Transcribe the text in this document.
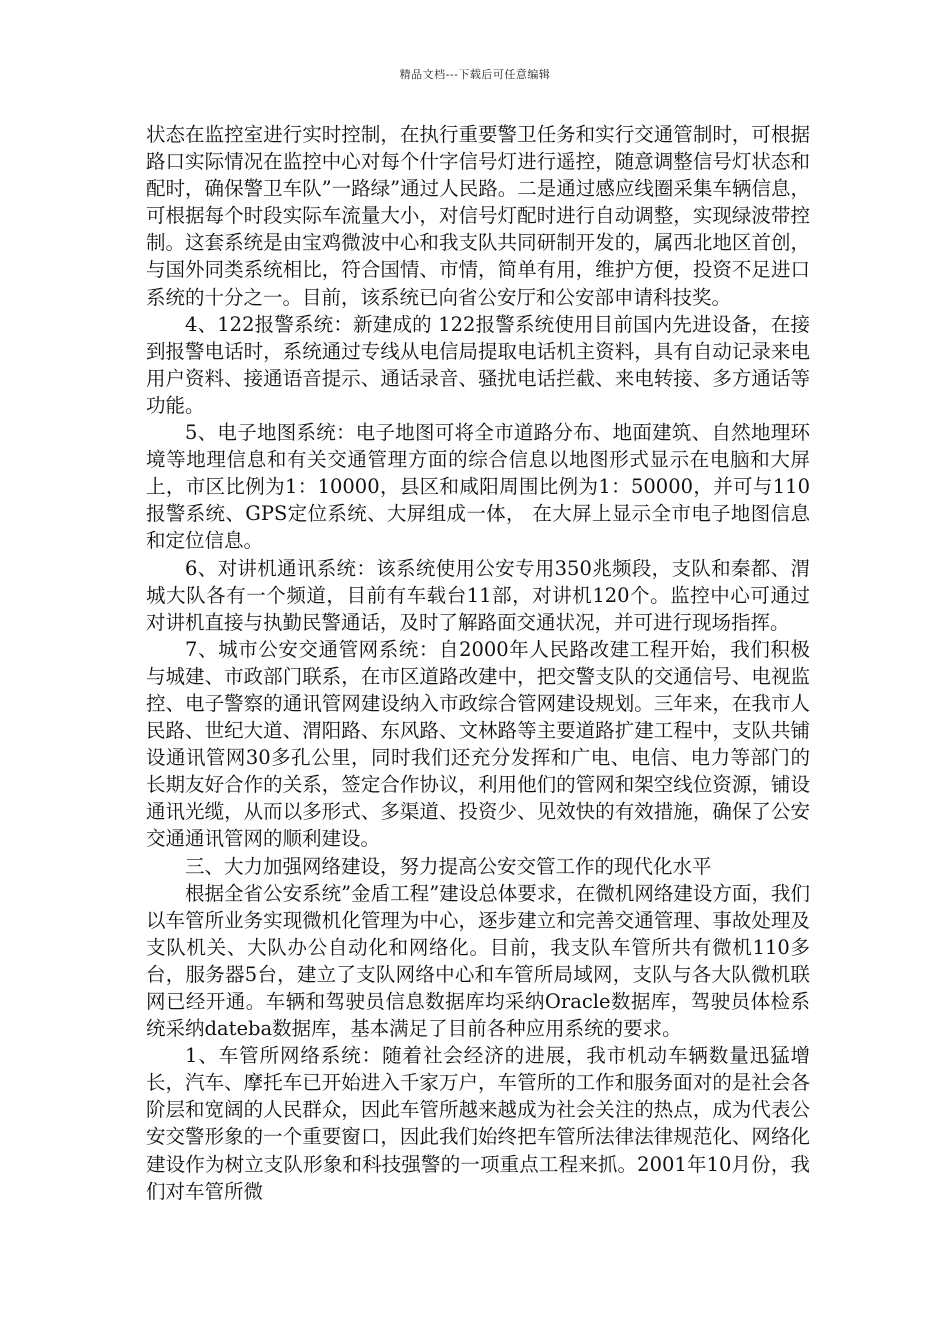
精品文档---下载后可任意编辑

状态在监控室进行实时控制，在执行重要警卫任务和实行交通管制时，可根据路口实际情况在监控中心对每个什字信号灯进行遥控，随意调整信号灯状态和配时，确保警卫车队”一路绿”通过人民路。二是通过感应线圈采集车辆信息，可根据每个时段实际车流量大小，对信号灯配时进行自动调整，实现绿波带控制。这套系统是由宝鸡微波中心和我支队共同研制开发的，属西北地区首创，与国外同类系统相比，符合国情、市情，简单有用，维护方便，投资不足进口系统的十分之一。目前，该系统已向省公安厅和公安部申请科技奖。

4、122报警系统：新建成的 122报警系统使用目前国内先进设备，在接到报警电话时，系统通过专线从电信局提取电话机主资料，具有自动记录来电用户资料、接通语音提示、通话录音、骚扰电话拦截、来电转接、多方通话等功能。

5、电子地图系统：电子地图可将全市道路分布、地面建筑、自然地理环境等地理信息和有关交通管理方面的综合信息以地图形式显示在电脑和大屏上，市区比例为1：10000，县区和咸阳周围比例为1：50000，并可与110报警系统、GPS定位系统、大屏组成一体， 在大屏上显示全市电子地图信息和定位信息。

6、对讲机通讯系统：该系统使用公安专用350兆频段，支队和秦都、渭城大队各有一个频道，目前有车载台11部，对讲机120个。监控中心可通过对讲机直接与执勤民警通话，及时了解路面交通状况，并可进行现场指挥。

7、城市公安交通管网系统：自2000年人民路改建工程开始，我们积极与城建、市政部门联系，在市区道路改建中，把交警支队的交通信号、电视监控、电子警察的通讯管网建设纳入市政综合管网建设规划。三年来，在我市人民路、世纪大道、渭阳路、东风路、文林路等主要道路扩建工程中，支队共铺设通讯管网30多孔公里，同时我们还充分发挥和广电、电信、电力等部门的长期友好合作的关系，签定合作协议，利用他们的管网和架空线位资源，铺设通讯光缆，从而以多形式、多渠道、投资少、见效快的有效措施，确保了公安交通通讯管网的顺利建设。

三、大力加强网络建设，努力提高公安交管工作的现代化水平

根据全省公安系统”金盾工程”建设总体要求，在微机网络建设方面，我们以车管所业务实现微机化管理为中心，逐步建立和完善交通管理、事故处理及支队机关、大队办公自动化和网络化。目前，我支队车管所共有微机110多台，服务器5台，建立了支队网络中心和车管所局域网，支队与各大队微机联网已经开通。车辆和驾驶员信息数据库均采纳Oracle数据库，驾驶员体检系统采纳dateba数据库，基本满足了目前各种应用系统的要求。

1、车管所网络系统：随着社会经济的进展，我市机动车辆数量迅猛增长，汽车、摩托车已开始进入千家万户，车管所的工作和服务面对的是社会各阶层和宽阔的人民群众，因此车管所越来越成为社会关注的热点，成为代表公安交警形象的一个重要窗口，因此我们始终把车管所法律法律规范化、网络化建设作为树立支队形象和科技强警的一项重点工程来抓。2001年10月份，我们对车管所微
